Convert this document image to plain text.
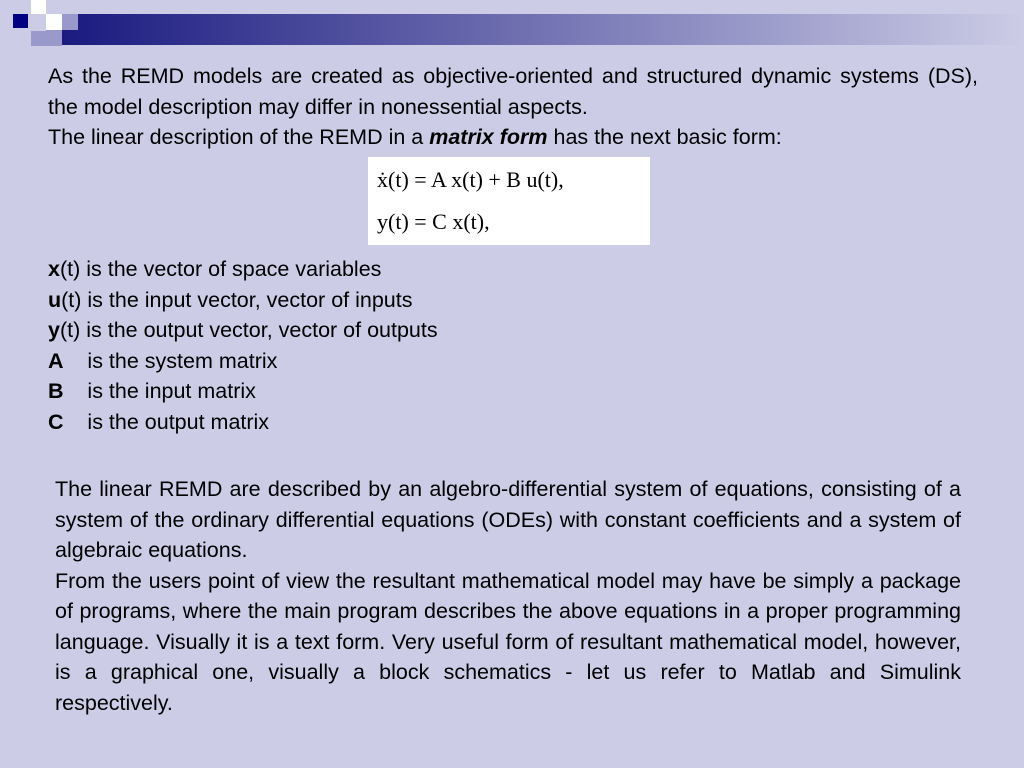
As the REMD models are created as objective-oriented and structured dynamic systems (DS), the model description may differ in nonessential aspects.

The linear description of the REMD in a matrix form has the next basic form:

ẋ(t) = A x(t) + B u(t),
y(t) = C x(t),
x(t) is the vector of space variables
u(t) is the input vector, vector of inputs
y(t) is the output vector, vector of outputs
A    is the system matrix
B    is the input matrix
C    is the output matrix

The linear REMD are described by an algebro-differential system of equations, consisting of a system of the ordinary differential equations (ODEs) with constant coefficients and a system of algebraic equations.

From the users point of view the resultant mathematical model may have be simply a package of programs, where the main program describes the above equations in a proper programming language. Visually it is a text form. Very useful form of resultant mathematical model, however, is a graphical one, visually a block schematics - let us refer to Matlab and Simulink respectively.
